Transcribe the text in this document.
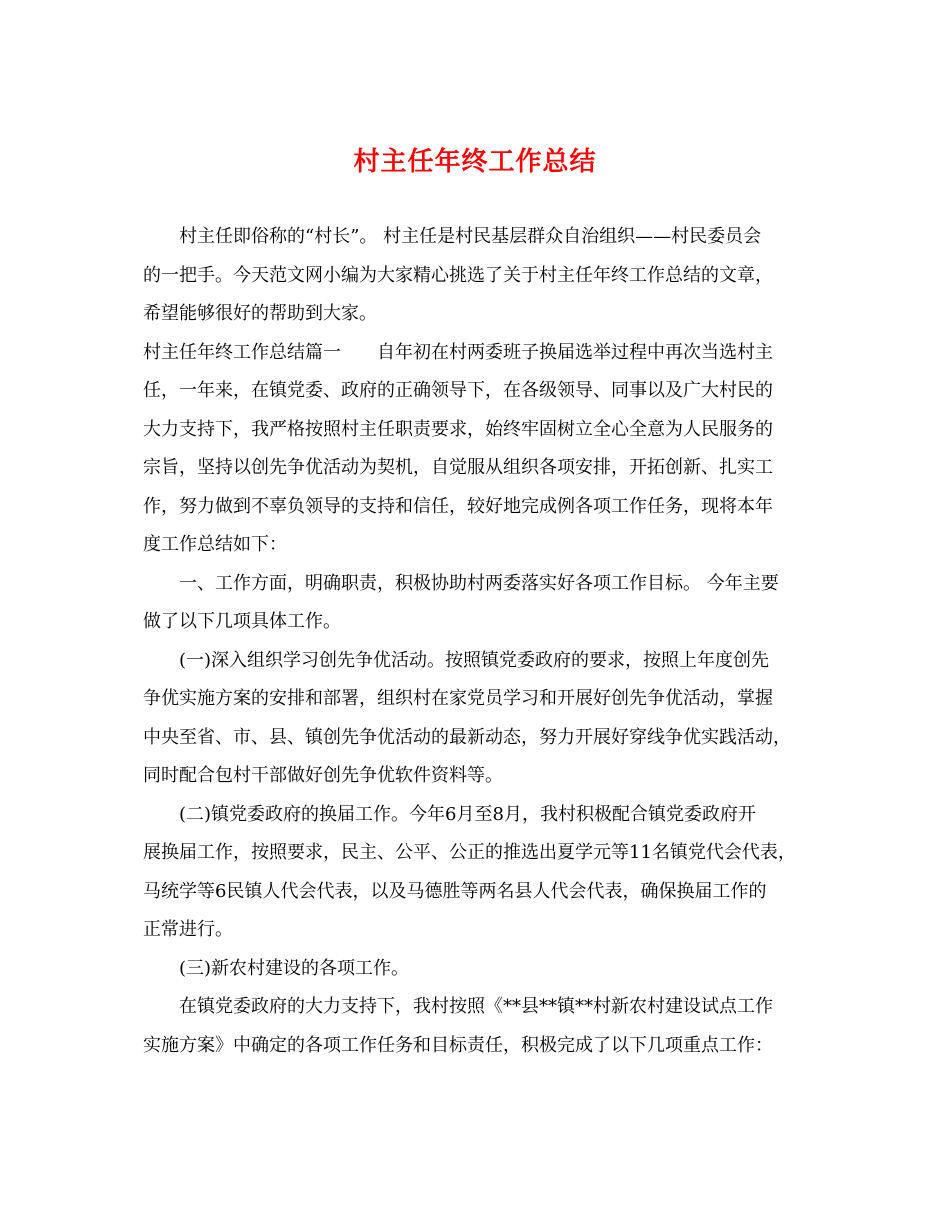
村主任年终工作总结
村主任即俗称的“村长”。 村主任是村民基层群众自治组织——村民委员会
的一把手。今天范文网小编为大家精心挑选了关于村主任年终工作总结的文章，
希望能够很好的帮助到大家。
村主任年终工作总结篇一 自年初在村两委班子换届选举过程中再次当选村主
任，一年来，在镇党委、政府的正确领导下，在各级领导、同事以及广大村民的
大力支持下，我严格按照村主任职责要求，始终牢固树立全心全意为人民服务的
宗旨，坚持以创先争优活动为契机，自觉服从组织各项安排，开拓创新、扎实工
作，努力做到不辜负领导的支持和信任，较好地完成例各项工作任务，现将本年
度工作总结如下：
一、工作方面，明确职责，积极协助村两委落实好各项工作目标。 今年主要
做了以下几项具体工作。
(一)深入组织学习创先争优活动。按照镇党委政府的要求，按照上年度创先
争优实施方案的安排和部署，组织村在家党员学习和开展好创先争优活动，掌握
中央至省、市、县、镇创先争优活动的最新动态，努力开展好穿线争优实践活动，
同时配合包村干部做好创先争优软件资料等。
(二)镇党委政府的换届工作。今年6月至8月，我村积极配合镇党委政府开
展换届工作，按照要求，民主、公平、公正的推选出夏学元等11名镇党代会代表，
马统学等6民镇人代会代表，以及马德胜等两名县人代会代表，确保换届工作的
正常进行。
(三)新农村建设的各项工作。
在镇党委政府的大力支持下，我村按照《**县**镇**村新农村建设试点工作
实施方案》中确定的各项工作任务和目标责任，积极完成了以下几项重点工作：
